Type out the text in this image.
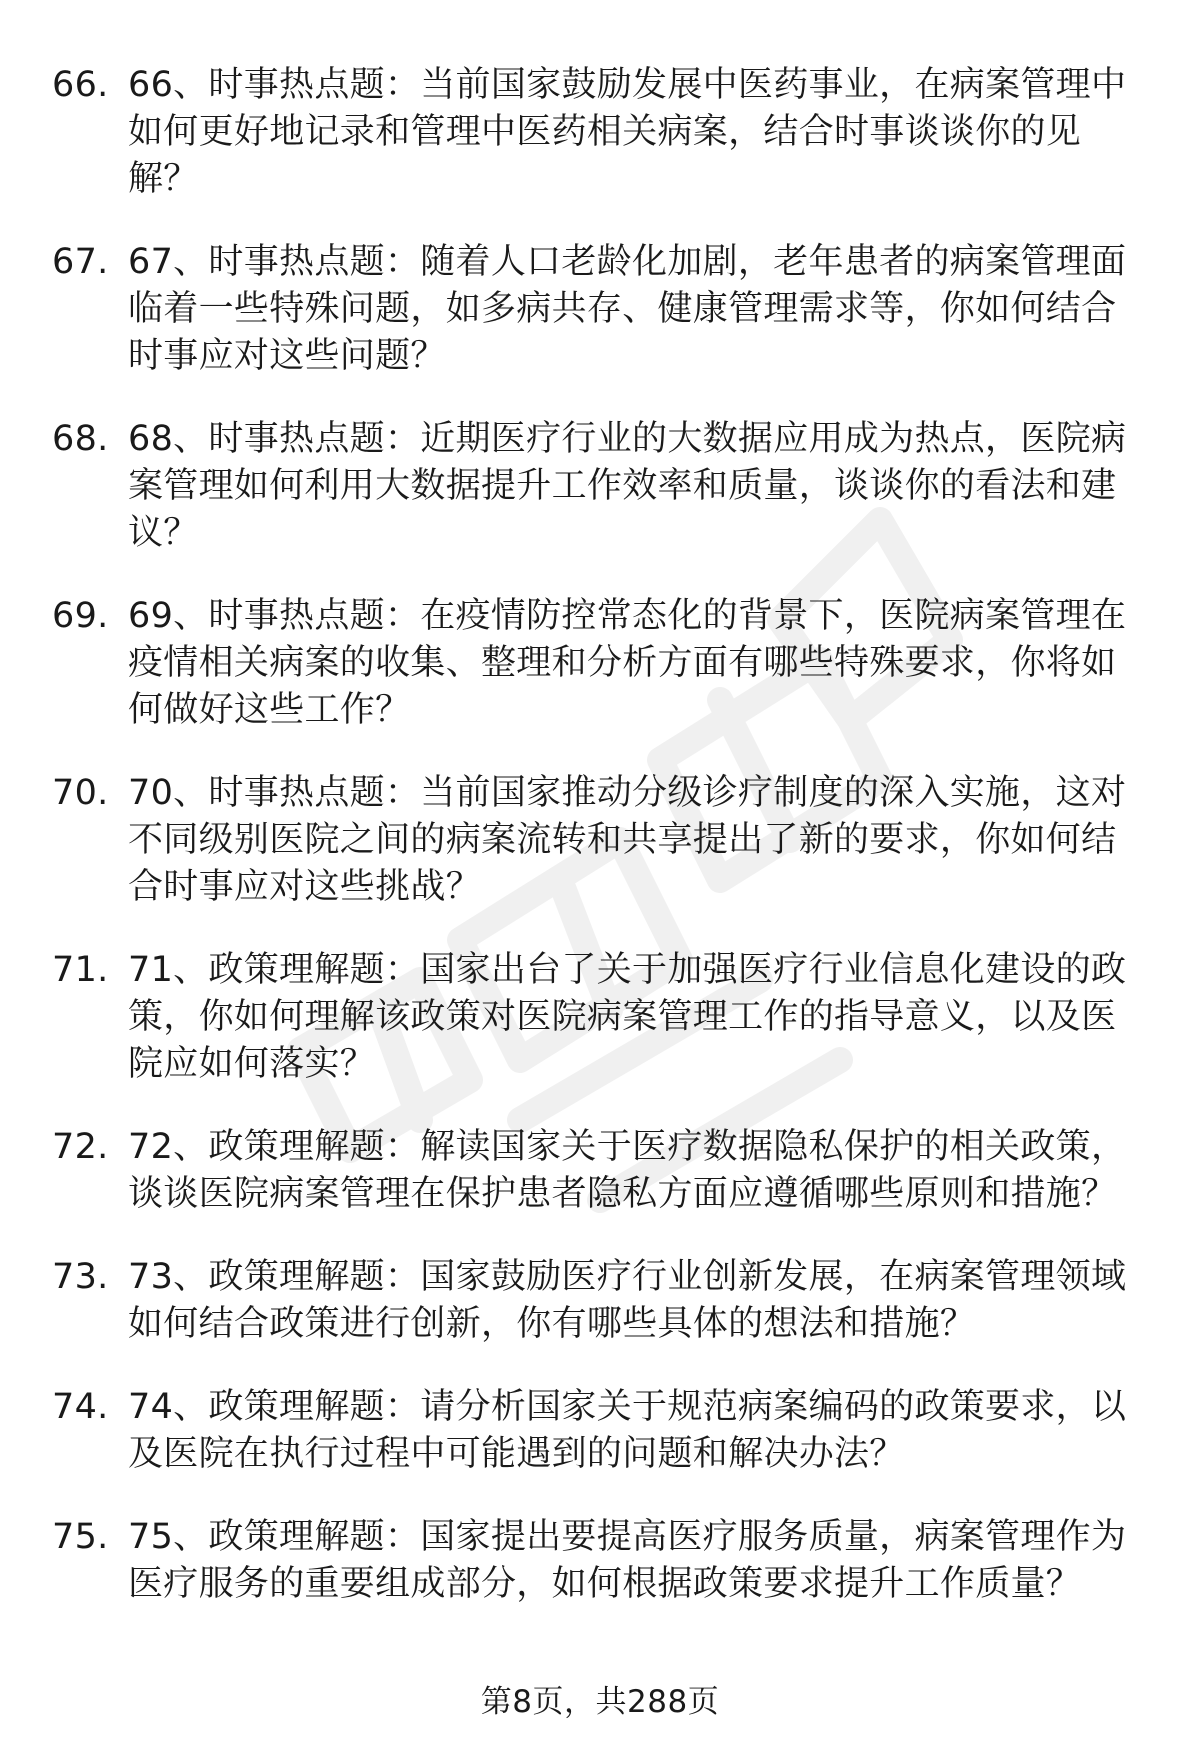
66. 66、时事热点题：当前国家鼓励发展中医药事业，在病案管理中如何更好地记录和管理中医药相关病案，结合时事谈谈你的见解？
67. 67、时事热点题：随着人口老龄化加剧，老年患者的病案管理面临着一些特殊问题，如多病共存、健康管理需求等，你如何结合时事应对这些问题？
68. 68、时事热点题：近期医疗行业的大数据应用成为热点，医院病案管理如何利用大数据提升工作效率和质量，谈谈你的看法和建议？
69. 69、时事热点题：在疫情防控常态化的背景下，医院病案管理在疫情相关病案的收集、整理和分析方面有哪些特殊要求，你将如何做好这些工作？
70. 70、时事热点题：当前国家推动分级诊疗制度的深入实施，这对不同级别医院之间的病案流转和共享提出了新的要求，你如何结合时事应对这些挑战？
71. 71、政策理解题：国家出台了关于加强医疗行业信息化建设的政策，你如何理解该政策对医院病案管理工作的指导意义，以及医院应如何落实？
72. 72、政策理解题：解读国家关于医疗数据隐私保护的相关政策，谈谈医院病案管理在保护患者隐私方面应遵循哪些原则和措施？
73. 73、政策理解题：国家鼓励医疗行业创新发展，在病案管理领域如何结合政策进行创新，你有哪些具体的想法和措施？
74. 74、政策理解题：请分析国家关于规范病案编码的政策要求，以及医院在执行过程中可能遇到的问题和解决办法？
75. 75、政策理解题：国家提出要提高医疗服务质量，病案管理作为医疗服务的重要组成部分，如何根据政策要求提升工作质量？
第8页，共288页
